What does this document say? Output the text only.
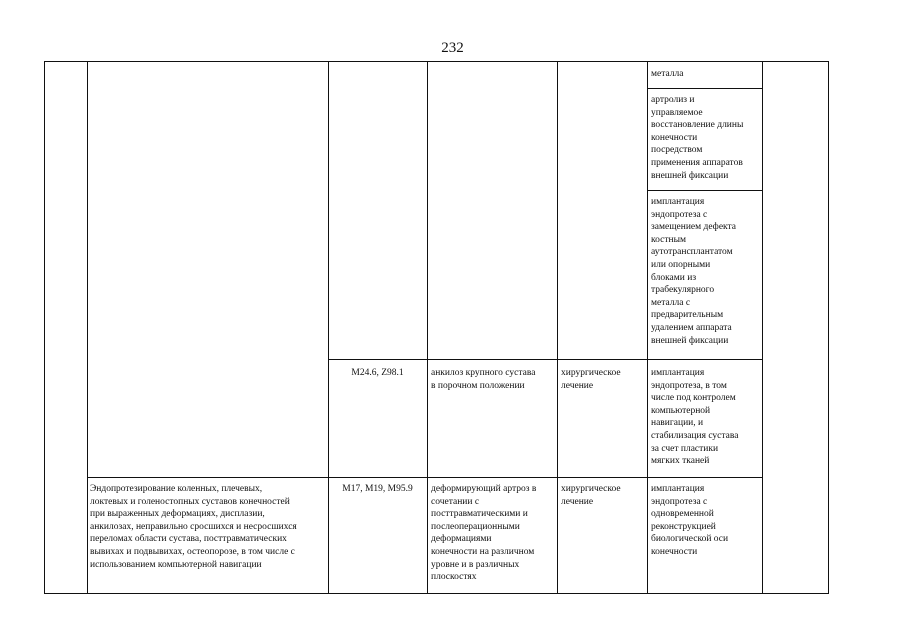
232
металла
артролиз и
управляемое
восстановление длины
конечности
посредством
применения аппаратов
внешней фиксации
имплантация
эндопротеза с
замещением дефекта
костным
аутотрансплантатом
или опорными
блоками из
трабекулярного
металла с
предварительным
удалением аппарата
внешней фиксации
M24.6, Z98.1	анкилоз крупного сустава
в порочном положении
хирургическое
лечение
имплантация
эндопротеза, в том
числе под контролем
компьютерной
навигации, и
стабилизация сустава
за счет пластики
мягких тканей
Эндопротезирование коленных, плечевых,
локтевых и голеностопных суставов конечностей
при выраженных деформациях, дисплазии,
анкилозах, неправильно сросшихся и несросшихся
переломах области сустава, посттравматических
вывихах и подвывихах, остеопорозе, в том числе с
использованием компьютерной навигации
M17, M19, M95.9	деформирующий артроз в
сочетании с
посттравматическими и
послеоперационными
деформациями
конечности на различном
уровне и в различных
плоскостях
хирургическое
лечение
имплантация
эндопротеза с
одновременной
реконструкцией
биологической оси
конечности
